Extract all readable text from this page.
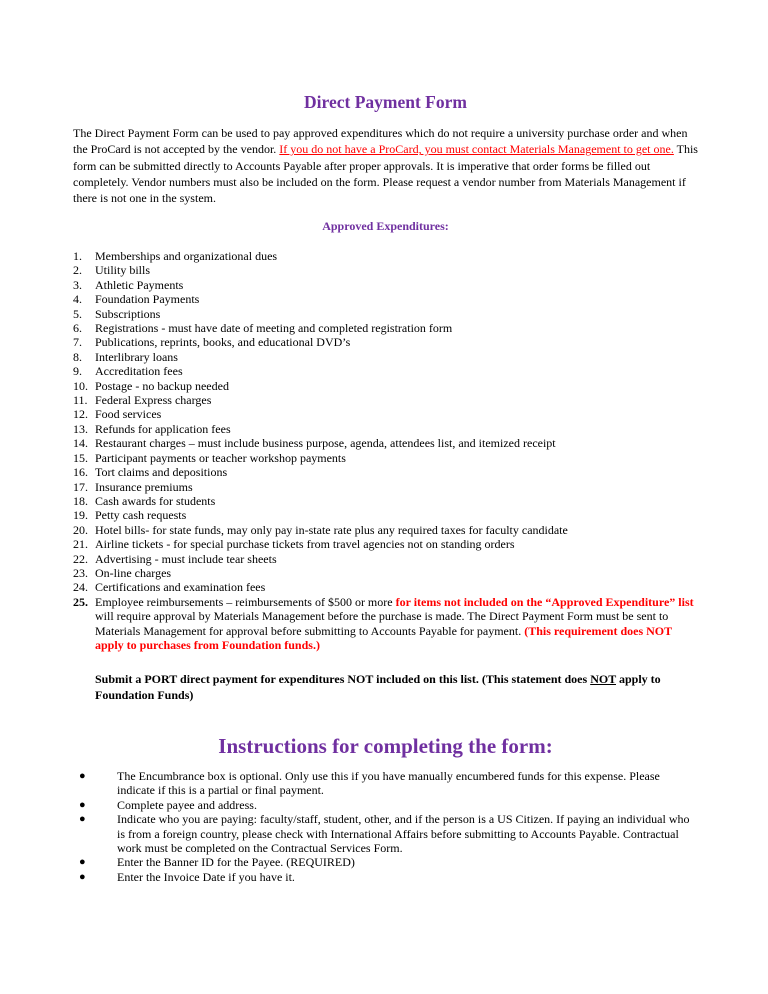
Direct Payment Form

The Direct Payment Form can be used to pay approved expenditures which do not require a university purchase order and when the ProCard is not accepted by the vendor. If you do not have a ProCard, you must contact Materials Management to get one. This form can be submitted directly to Accounts Payable after proper approvals. It is imperative that order forms be filled out completely. Vendor numbers must also be included on the form. Please request a vendor number from Materials Management if there is not one in the system.

Approved Expenditures:
1. Memberships and organizational dues
2. Utility bills
3. Athletic Payments
4. Foundation Payments
5. Subscriptions
6. Registrations - must have date of meeting and completed registration form
7. Publications, reprints, books, and educational DVD’s
8. Interlibrary loans
9. Accreditation fees
10. Postage - no backup needed
11. Federal Express charges
12. Food services
13. Refunds for application fees
14. Restaurant charges – must include business purpose, agenda, attendees list, and itemized receipt
15. Participant payments or teacher workshop payments
16. Tort claims and depositions
17. Insurance premiums
18. Cash awards for students
19. Petty cash requests
20. Hotel bills- for state funds, may only pay in-state rate plus any required taxes for faculty candidate
21. Airline tickets - for special purchase tickets from travel agencies not on standing orders
22. Advertising - must include tear sheets
23. On-line charges
24. Certifications and examination fees
25. Employee reimbursements – reimbursements of $500 or more for items not included on the “Approved Expenditure” list will require approval by Materials Management before the purchase is made. The Direct Payment Form must be sent to Materials Management for approval before submitting to Accounts Payable for payment. (This requirement does NOT apply to purchases from Foundation funds.)
Submit a PORT direct payment for expenditures NOT included on this list. (This statement does NOT apply to Foundation Funds)
Instructions for completing the form:
●	The Encumbrance box is optional. Only use this if you have manually encumbered funds for this expense. Please indicate if this is a partial or final payment.
●	Complete payee and address.
●	Indicate who you are paying: faculty/staff, student, other, and if the person is a US Citizen. If paying an individual who is from a foreign country, please check with International Affairs before submitting to Accounts Payable. Contractual work must be completed on the Contractual Services Form.
●	Enter the Banner ID for the Payee. (REQUIRED)
●	Enter the Invoice Date if you have it.
